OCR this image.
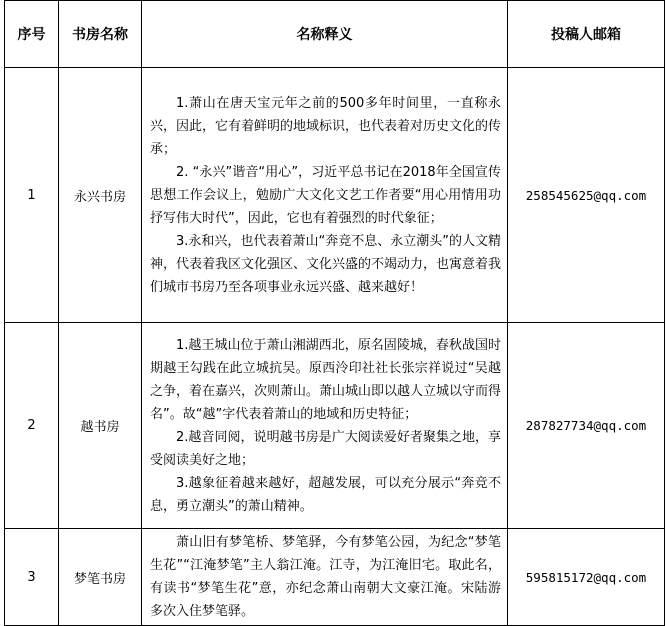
序号	书房名称	名称释义	投稿人邮箱
1	永兴书房	1.萧山在唐天宝元年之前的500多年时间里，一直称永兴，因此，它有着鲜明的地域标识，也代表着对历史文化的传承；

2. “永兴”谐音“用心”，习近平总书记在2018年全国宣传思想工作会议上，勉励广大文化文艺工作者要“用心用情用功抒写伟大时代”，因此，它也有着强烈的时代象征；

3.永和兴，也代表着萧山“奔竞不息、永立潮头”的人文精神，代表着我区文化强区、文化兴盛的不竭动力，也寓意着我们城市书房乃至各项事业永远兴盛、越来越好！	258545625@qq.com
2	越书房	1.越王城山位于萧山湘湖西北，原名固陵城，春秋战国时期越王勾践在此立城抗吴。原西泠印社社长张宗祥说过“吴越之争，着在嘉兴，次则萧山。萧山城山即以越人立城以守而得名”。故“越”字代表着萧山的地域和历史特征；

2.越音同阅，说明越书房是广大阅读爱好者聚集之地，享受阅读美好之地；

3.越象征着越来越好，超越发展，可以充分展示“奔竞不息，勇立潮头”的萧山精神。	287827734@qq.com
3	梦笔书房	萧山旧有梦笔桥、梦笔驿，今有梦笔公园，为纪念“梦笔生花”“江淹梦笔”主人翁江淹。江寺，为江淹旧宅。取此名，有读书“梦笔生花”意，亦纪念萧山南朝大文豪江淹。宋陆游多次入住梦笔驿。	595815172@qq.com
